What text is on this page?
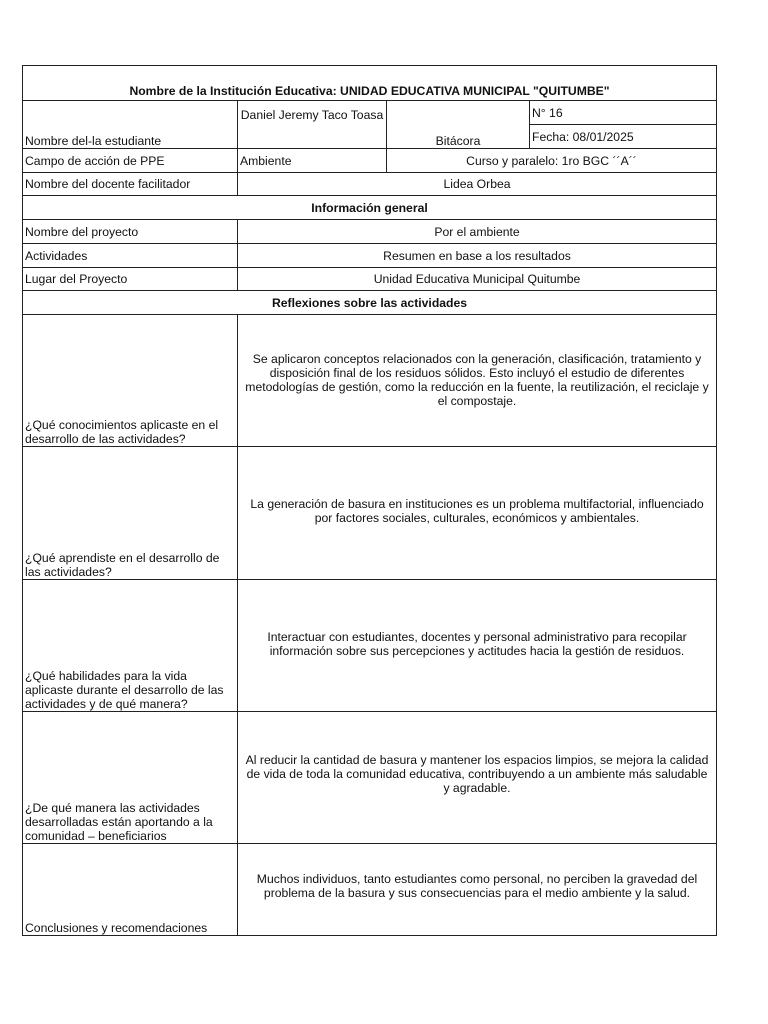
Nombre de la Institución Educativa: UNIDAD EDUCATIVA MUNICIPAL "QUITUMBE"			
Nombre del-la estudiante	Daniel Jeremy Taco Toasa	Bitácora	N° 16
			Fecha: 08/01/2025
Campo de acción de PPE	Ambiente	Curso y paralelo: 1ro BGC ´´A´´	
Nombre del docente facilitador	Lidea Orbea		
Información general			
Nombre del proyecto	Por el ambiente		
Actividades	Resumen en base a los resultados		
Lugar del Proyecto	Unidad Educativa Municipal Quitumbe		
Reflexiones sobre las actividades			
¿Qué conocimientos aplicaste en el desarrollo de las actividades?	Se aplicaron conceptos relacionados con la generación, clasificación, tratamiento y disposición final de los residuos sólidos. Esto incluyó el estudio de diferentes metodologías de gestión, como la reducción en la fuente, la reutilización, el reciclaje y el compostaje.		
¿Qué aprendiste en el desarrollo de las actividades?	La generación de basura en instituciones es un problema multifactorial, influenciado por factores sociales, culturales, económicos y ambientales.		
¿Qué habilidades para la vida aplicaste durante el desarrollo de las actividades y de qué manera?	Interactuar con estudiantes, docentes y personal administrativo para recopilar información sobre sus percepciones y actitudes hacia la gestión de residuos.		
¿De qué manera las actividades desarrolladas están aportando a la comunidad – beneficiarios	Al reducir la cantidad de basura y mantener los espacios limpios, se mejora la calidad de vida de toda la comunidad educativa, contribuyendo a un ambiente más saludable y agradable.		
Conclusiones y recomendaciones	Muchos individuos, tanto estudiantes como personal, no perciben la gravedad del problema de la basura y sus consecuencias para el medio ambiente y la salud.		
